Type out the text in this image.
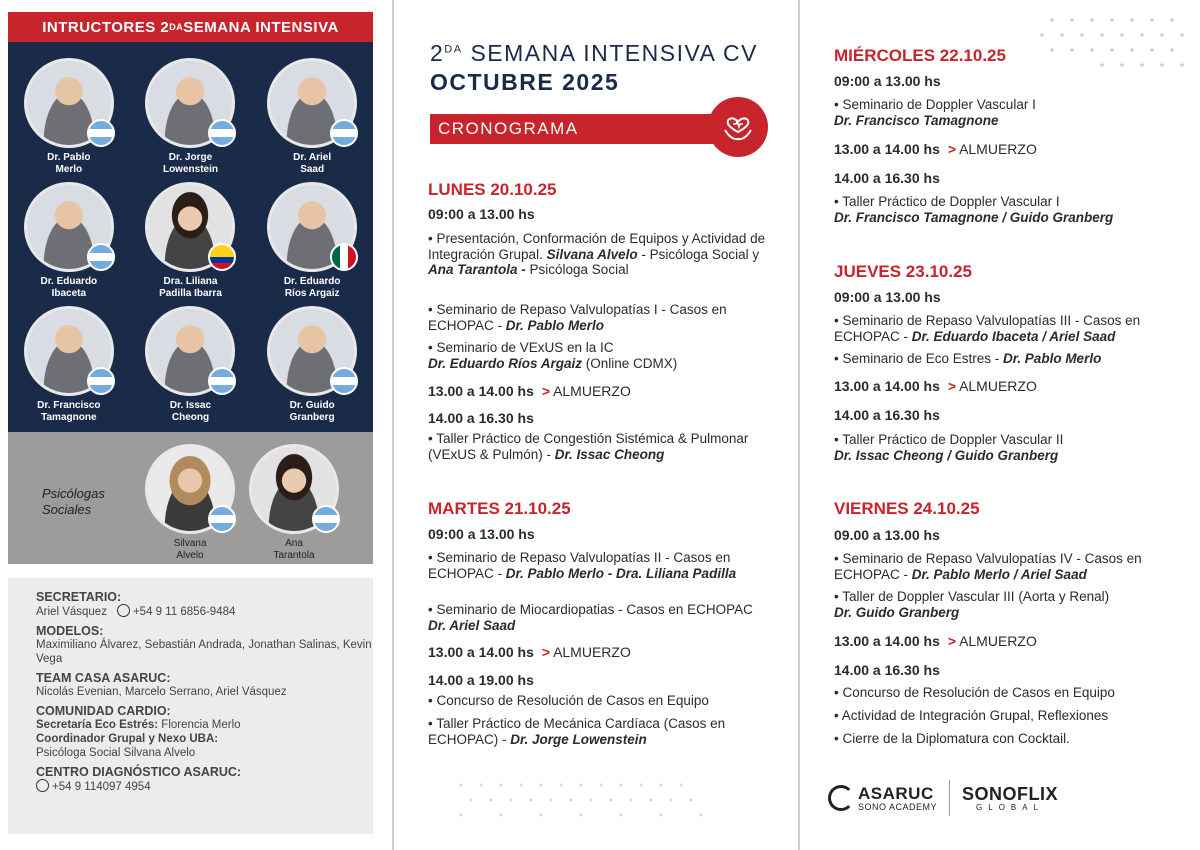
INTRUCTORES 2 DA SEMANA INTENSIVA
Dr. Pablo
Merlo
Dr. Jorge
Lowenstein
Dr. Ariel
Saad
Dr. Eduardo
Ibaceta
Dra. Liliana
Padilla Ibarra
Dr. Eduardo
Ríos Argaiz
Dr. Francisco
Tamagnone
Dr. Issac
Cheong
Dr. Guido
Granberg
Psicólogas
Sociales
Silvana
Alvelo
Ana
Tarantola
SECRETARIO:
Ariel Vásquez +54 9 11 6856-9484
MODELOS:
Maximiliano Álvarez, Sebastián Andrada, Jonathan Salinas, Kevin Vega
TEAM CASA ASARUC:
Nicolás Evenian, Marcelo Serrano, Ariel Vásquez
COMUNIDAD CARDIO:
Secretaría Eco Estrés: Florencia Merlo
Coordinador Grupal y Nexo UBA:
Psicóloga Social Silvana Alvelo
CENTRO DIAGNÓSTICO ASARUC:
+54 9 114097 4954
$2^{DA}$ SEMANA INTENSIVA CV
OCTUBRE 2025
CRONOGRAMA
LUNES 20.10.25
09:00 a 13.00 hs
• Presentación, Conformación de Equipos y Actividad de Integración Grupal. Silvana Alvelo - Psicóloga Social y Ana Tarantola - Psicóloga Social
• Seminario de Repaso Valvulopatías I - Casos en ECHOPAC - Dr. Pablo Merlo
• Seminario de VExUS en la IC
Dr. Eduardo Ríos Argaiz (Online CDMX)
13.00 a 14.00 hs > ALMUERZO
14.00 a 16.30 hs
• Taller Práctico de Congestión Sistémica & Pulmonar (VExUS & Pulmón) - Dr. Issac Cheong
MARTES 21.10.25
09:00 a 13.00 hs
• Seminario de Repaso Valvulopatías II - Casos en ECHOPAC - Dr. Pablo Merlo - Dra. Liliana Padilla
• Seminario de Miocardiopatias - Casos en ECHOPAC Dr. Ariel Saad
13.00 a 14.00 hs > ALMUERZO
14.00 a 19.00 hs
• Concurso de Resolución de Casos en Equipo
• Taller Práctico de Mecánica Cardíaca (Casos en ECHOPAC) - Dr. Jorge Lowenstein
MIÉRCOLES 22.10.25
09:00 a 13.00 hs
• Seminario de Doppler Vascular I
Dr. Francisco Tamagnone
13.00 a 14.00 hs > ALMUERZO
14.00 a 16.30 hs
• Taller Práctico de Doppler Vascular I
Dr. Francisco Tamagnone / Guido Granberg
JUEVES 23.10.25
09:00 a 13.00 hs
• Seminario de Repaso Valvulopatías III - Casos en ECHOPAC - Dr. Eduardo Ibaceta / Ariel Saad
• Seminario de Eco Estres - Dr. Pablo Merlo
13.00 a 14.00 hs > ALMUERZO
14.00 a 16.30 hs
• Taller Práctico de Doppler Vascular II
Dr. Issac Cheong / Guido Granberg
VIERNES 24.10.25
09.00 a 13.00 hs
• Seminario de Repaso Valvulopatías IV - Casos en ECHOPAC - Dr. Pablo Merlo / Ariel Saad
• Taller de Doppler Vascular III (Aorta y Renal)
Dr. Guido Granberg
13.00 a 14.00 hs > ALMUERZO
14.00 a 16.30 hs
• Concurso de Resolución de Casos en Equipo
• Actividad de Integración Grupal, Reflexiones
• Cierre de la Diplomatura con Cocktail.
ASARUC
SONO ACADEMY
SONOFLIX
GLOBAL
